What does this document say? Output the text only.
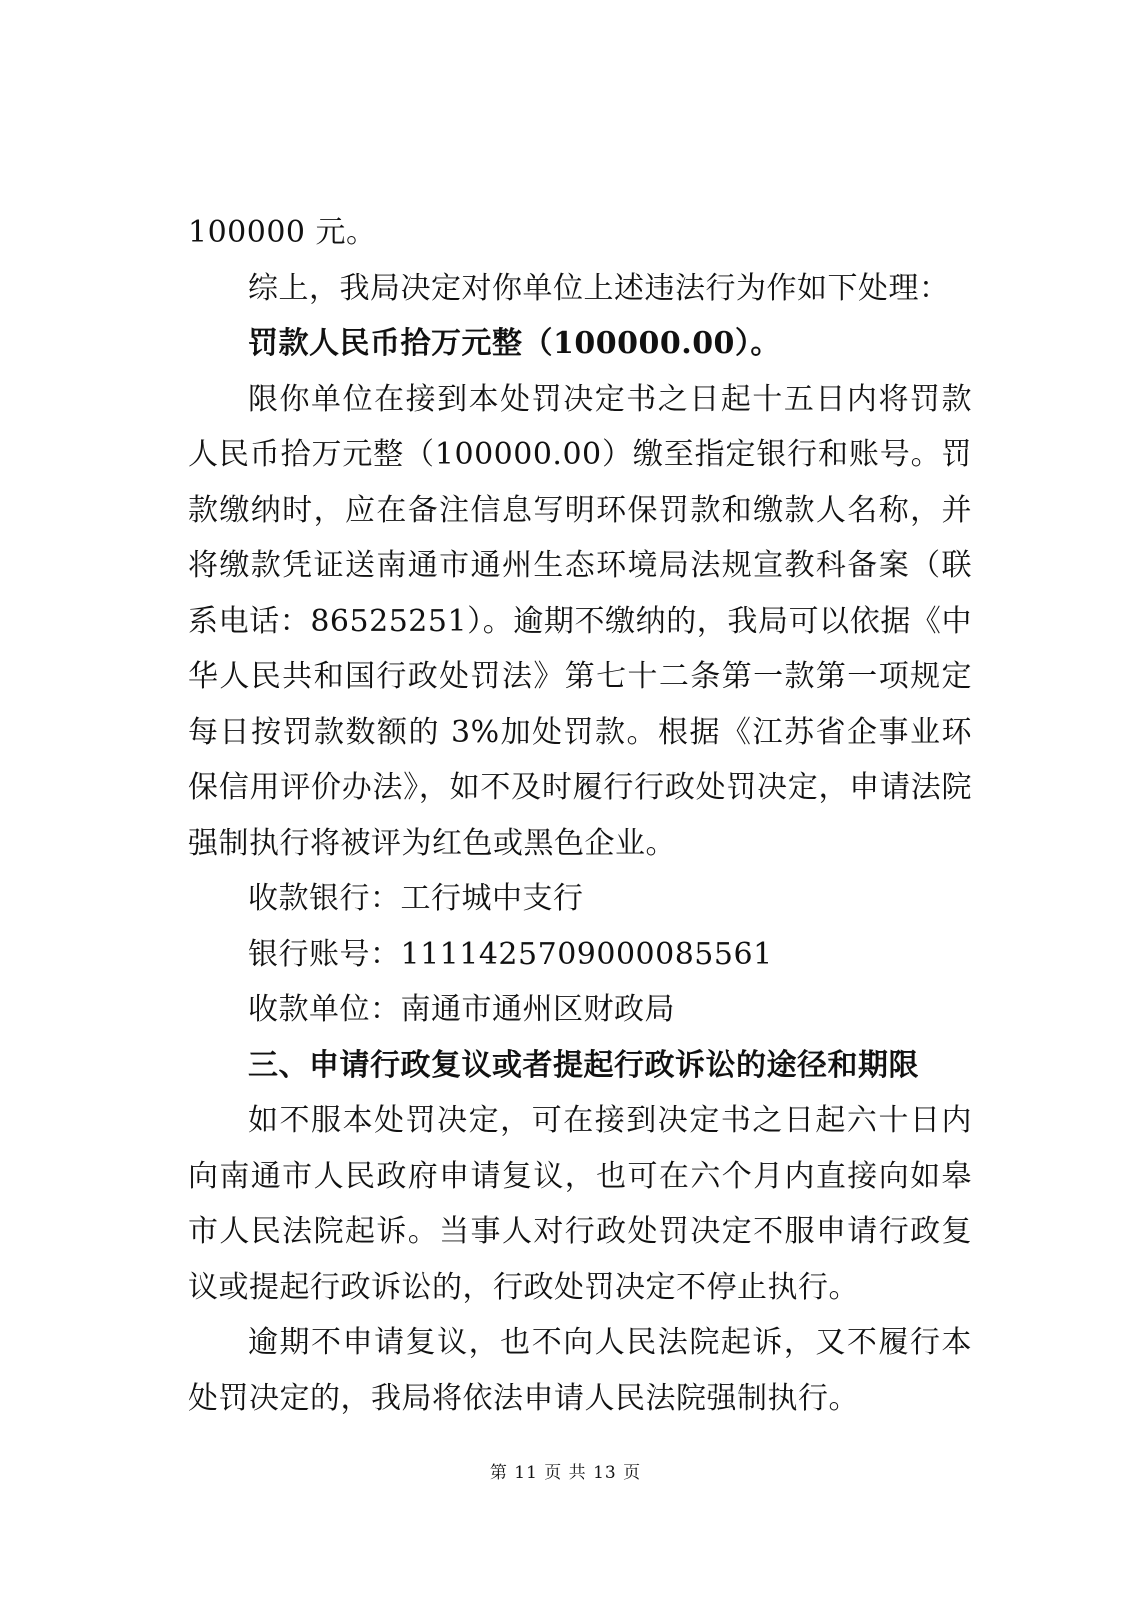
100000 元。

综上，我局决定对你单位上述违法行为作如下处理：

罚款人民币拾万元整（100000.00）。

限你单位在接到本处罚决定书之日起十五日内将罚款人民币拾万元整（100000.00）缴至指定银行和账号。罚款缴纳时，应在备注信息写明环保罚款和缴款人名称，并将缴款凭证送南通市通州生态环境局法规宣教科备案（联系电话：86525251）。逾期不缴纳的，我局可以依据《中华人民共和国行政处罚法》第七十二条第一款第一项规定每日按罚款数额的 3%加处罚款。根据《江苏省企事业环保信用评价办法》，如不及时履行行政处罚决定，申请法院强制执行将被评为红色或黑色企业。

收款银行：工行城中支行

银行账号：1111425709000085561

收款单位：南通市通州区财政局

三、申请行政复议或者提起行政诉讼的途径和期限

如不服本处罚决定，可在接到决定书之日起六十日内向南通市人民政府申请复议，也可在六个月内直接向如皋市人民法院起诉。当事人对行政处罚决定不服申请行政复议或提起行政诉讼的，行政处罚决定不停止执行。

逾期不申请复议，也不向人民法院起诉，又不履行本处罚决定的，我局将依法申请人民法院强制执行。

第 11 页 共 13 页
